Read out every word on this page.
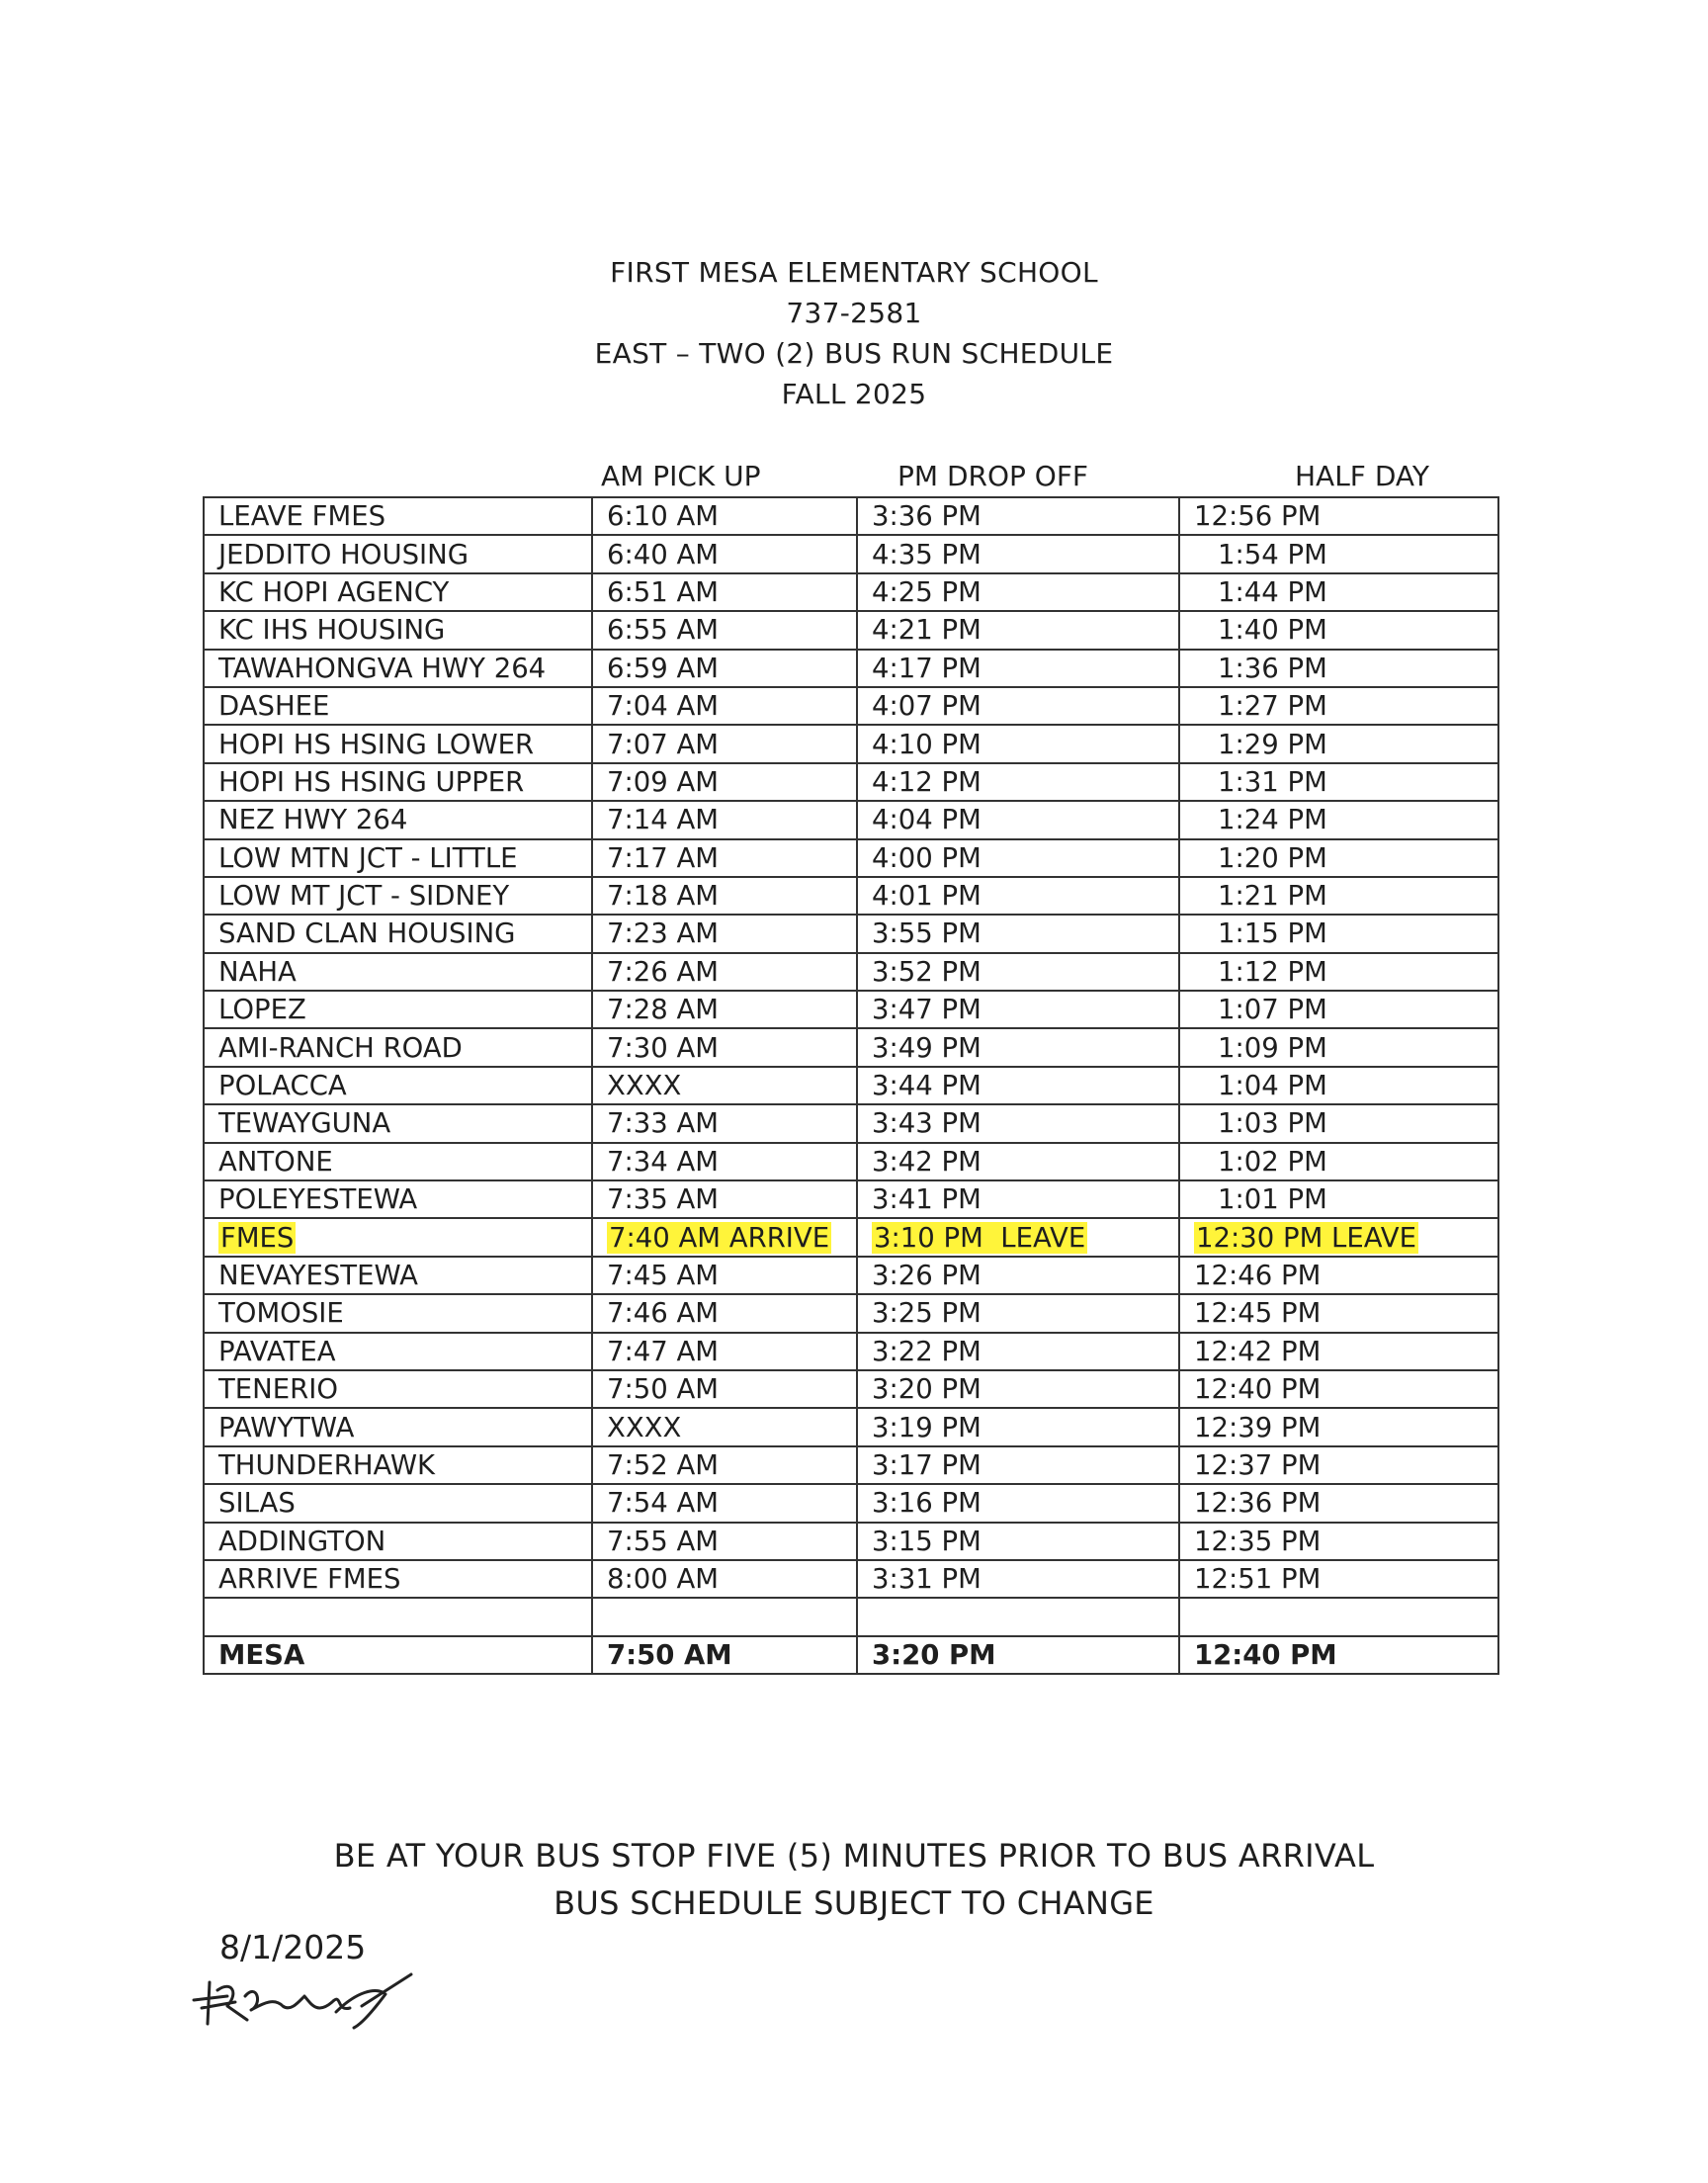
FIRST MESA ELEMENTARY SCHOOL
737-2581
EAST – TWO (2) BUS RUN SCHEDULE
FALL 2025
AM PICK UP	PM DROP OFF	HALF DAY
LEAVE FMES	6:10 AM	3:36 PM	12:56 PM
JEDDITO HOUSING	6:40 AM	4:35 PM	1:54 PM
KC HOPI AGENCY	6:51 AM	4:25 PM	1:44 PM
KC IHS HOUSING	6:55 AM	4:21 PM	1:40 PM
TAWAHONGVA HWY 264	6:59 AM	4:17 PM	1:36 PM
DASHEE	7:04 AM	4:07 PM	1:27 PM
HOPI HS HSING LOWER	7:07 AM	4:10 PM	1:29 PM
HOPI HS HSING UPPER	7:09 AM	4:12 PM	1:31 PM
NEZ HWY 264	7:14 AM	4:04 PM	1:24 PM
LOW MTN JCT - LITTLE	7:17 AM	4:00 PM	1:20 PM
LOW MT JCT - SIDNEY	7:18 AM	4:01 PM	1:21 PM
SAND CLAN HOUSING	7:23 AM	3:55 PM	1:15 PM
NAHA	7:26 AM	3:52 PM	1:12 PM
LOPEZ	7:28 AM	3:47 PM	1:07 PM
AMI-RANCH ROAD	7:30 AM	3:49 PM	1:09 PM
POLACCA	XXXX	3:44 PM	1:04 PM
TEWAYGUNA	7:33 AM	3:43 PM	1:03 PM
ANTONE	7:34 AM	3:42 PM	1:02 PM
POLEYESTEWA	7:35 AM	3:41 PM	1:01 PM
FMES	7:40 AM ARRIVE	3:10 PM  LEAVE	12:30 PM LEAVE
NEVAYESTEWA	7:45 AM	3:26 PM	12:46 PM
TOMOSIE	7:46 AM	3:25 PM	12:45 PM
PAVATEA	7:47 AM	3:22 PM	12:42 PM
TENERIO	7:50 AM	3:20 PM	12:40 PM
PAWYTWA	XXXX	3:19 PM	12:39 PM
THUNDERHAWK	7:52 AM	3:17 PM	12:37 PM
SILAS	7:54 AM	3:16 PM	12:36 PM
ADDINGTON	7:55 AM	3:15 PM	12:35 PM
ARRIVE FMES	8:00 AM	3:31 PM	12:51 PM

MESA	7:50 AM	3:20 PM	12:40 PM
BE AT YOUR BUS STOP FIVE (5) MINUTES PRIOR TO BUS ARRIVAL
BUS SCHEDULE SUBJECT TO CHANGE
8/1/2025
